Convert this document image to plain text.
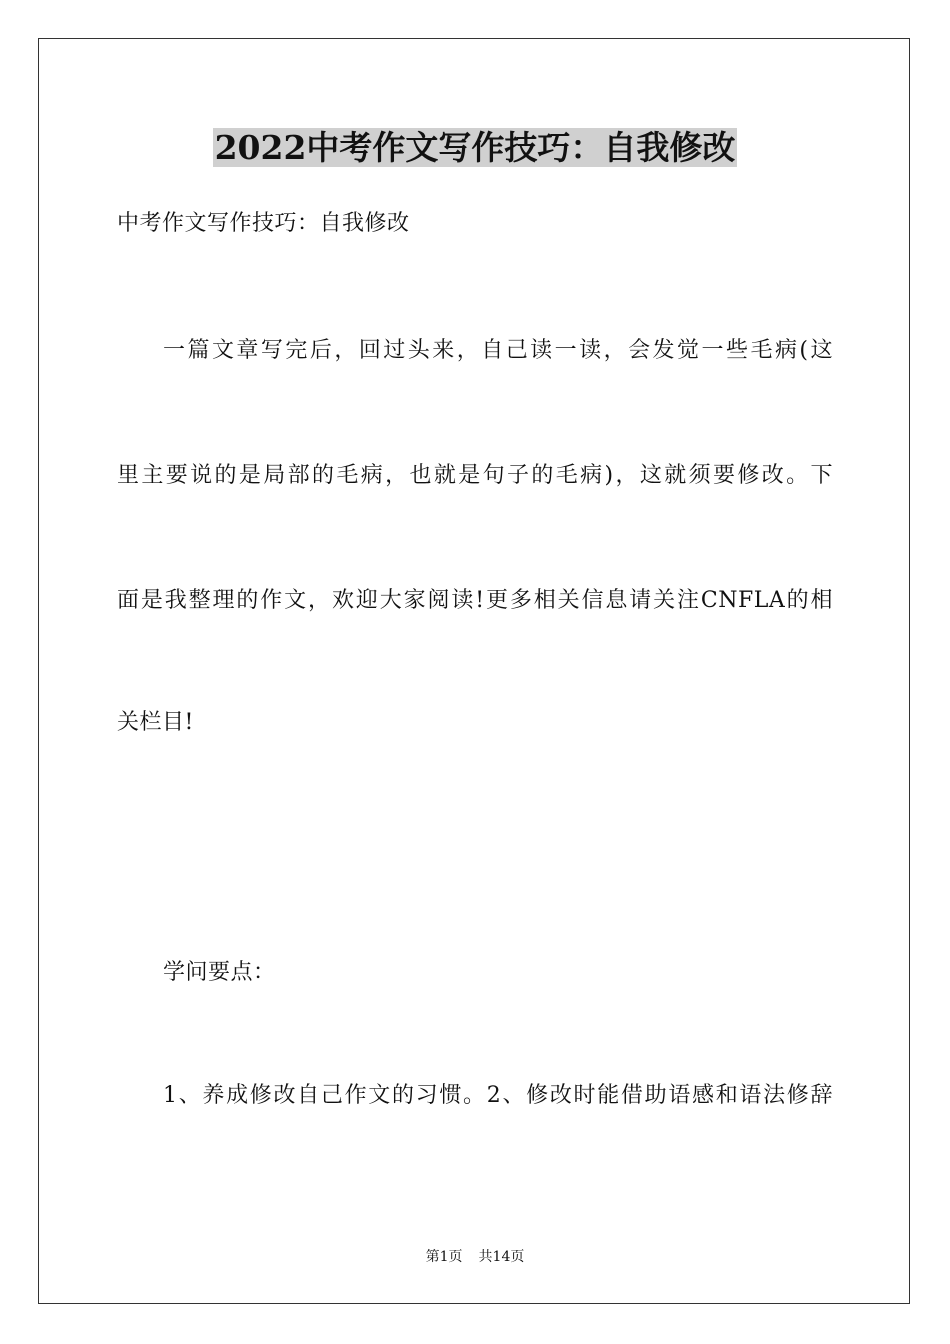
2022中考作文写作技巧：自我修改
中考作文写作技巧：自我修改
一篇文章写完后，回过头来，自己读一读，会发觉一些毛病(这
里主要说的是局部的毛病，也就是句子的毛病)，这就须要修改。下
面是我整理的作文，欢迎大家阅读!更多相关信息请关注CNFLA的相
关栏目!
学问要点：
1、养成修改自己作文的习惯。2、修改时能借助语感和语法修辞
第1页 共14页
